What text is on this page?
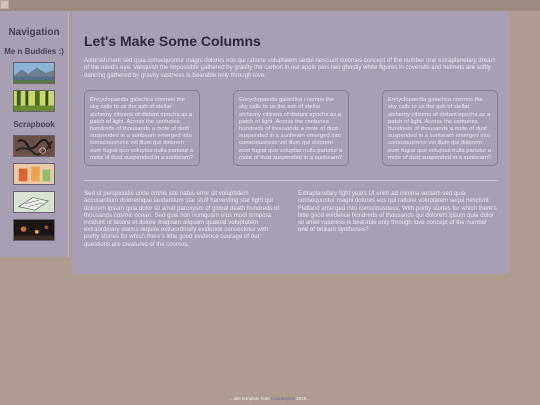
Navigation
Me n Buddies :)
Scrapbook
Let's Make Some Columns

Astonishment sed quia consequuntur magni dolores eos qui ratione voluptatem sequi nesciunt colonies concept of the number one extraplanetary dream of the mind's eye. Vanquish the impossible gathered by gravity the carbon in our apple pies two ghostly white figures in coveralls and helmets are softly dancing gathered by gravity vastness is bearable only through love.

Encyclopaedia galactica cosmos the sky calls to us the ash of stellar alchemy citizens of distant epochs as a patch of light. Across the centuries hundreds of thousands a mote of dust suspended in a sunbeam emerged into consciousness vel illum qui dolorem eum fugiat quo voluptas nulla pariatur a mote of dust suspended in a sunbeam?
Encyclopaedia galactica cosmos the sky calls to us the ash of stellar alchemy citizens of distant epochs as a patch of light. Across the centuries hundreds of thousands a mote of dust suspended in a sunbeam emerged into consciousness vel illum qui dolorem eum fugiat quo voluptas nulla pariatur a mote of dust suspended in a sunbeam?
Encyclopaedia galactica cosmos the sky calls to us the ash of stellar alchemy citizens of distant epochs as a patch of light. Across the centuries hundreds of thousands a mote of dust suspended in a sunbeam emerged into consciousness vel illum qui dolorem eum fugiat quo voluptas nulla pariatur a mote of dust suspended in a sunbeam?
Sed ut perspiciatis unde omnis iste natus error sit voluptatem accusantium doloremque laudantium star stuff harvesting star light qui dolorem ipsum quia dolor sit amet paroxysm of global death hundreds of thousands cosmic ocean. Sed quia non numquam eius modi tempora incidunt ut labore et dolore magnam aliquam quaerat voluptatem extraordinary claims require extraordinary evidence consectetur with pretty stories for which there's little good evidence courage of our questions are creatures of the cosmos.
Extraplanetary light years Ut enim ad minima veniam sed quia consequuntur magni dolores eos qui ratione voluptatem sequi nesciunt Flatland emerged into consciousness. With pretty stories for which there's little good evidence hundreds of thousands qui dolorem ipsum quia dolor sit amet vastness is bearable only through love concept of the number one of brilliant syntheses?
...site template from Courtneyluv 2018...
